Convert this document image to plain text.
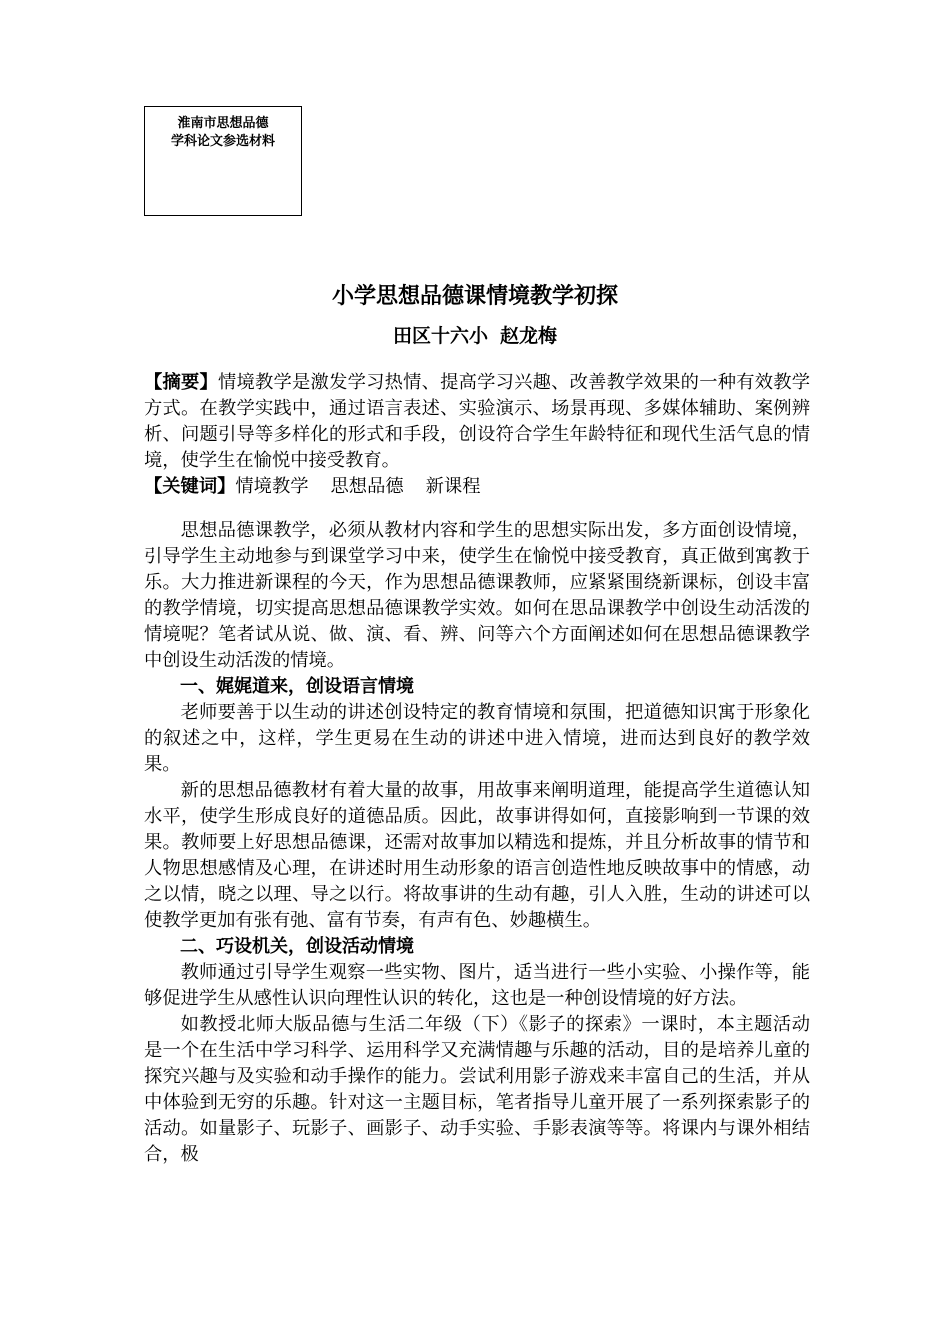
淮南市思想品德
学科论文参选材料
小学思想品德课情境教学初探
田区十六小 赵龙梅

【摘要】情境教学是激发学习热情、提高学习兴趣、改善教学效果的一种有效教学方式。在教学实践中，通过语言表述、实验演示、场景再现、多媒体辅助、案例辨析、问题引导等多样化的形式和手段，创设符合学生年龄特征和现代生活气息的情境，使学生在愉悦中接受教育。

【关键词】情境教学 思想品德 新课程

思想品德课教学，必须从教材内容和学生的思想实际出发，多方面创设情境，引导学生主动地参与到课堂学习中来，使学生在愉悦中接受教育，真正做到寓教于乐。大力推进新课程的今天，作为思想品德课教师，应紧紧围绕新课标，创设丰富的教学情境，切实提高思想品德课教学实效。如何在思品课教学中创设生动活泼的情境呢？笔者试从说、做、演、看、辨、问等六个方面阐述如何在思想品德课教学中创设生动活泼的情境。

一、娓娓道来，创设语言情境

老师要善于以生动的讲述创设特定的教育情境和氛围，把道德知识寓于形象化的叙述之中，这样，学生更易在生动的讲述中进入情境，进而达到良好的教学效果。

新的思想品德教材有着大量的故事，用故事来阐明道理，能提高学生道德认知水平，使学生形成良好的道德品质。因此，故事讲得如何，直接影响到一节课的效果。教师要上好思想品德课，还需对故事加以精选和提炼，并且分析故事的情节和人物思想感情及心理，在讲述时用生动形象的语言创造性地反映故事中的情感，动之以情，晓之以理、导之以行。将故事讲的生动有趣，引人入胜，生动的讲述可以使教学更加有张有弛、富有节奏，有声有色、妙趣横生。

二、巧设机关，创设活动情境

教师通过引导学生观察一些实物、图片，适当进行一些小实验、小操作等，能够促进学生从感性认识向理性认识的转化，这也是一种创设情境的好方法。

如教授北师大版品德与生活二年级（下）《影子的探索》一课时，本主题活动是一个在生活中学习科学、运用科学又充满情趣与乐趣的活动，目的是培养儿童的探究兴趣与及实验和动手操作的能力。尝试利用影子游戏来丰富自己的生活，并从中体验到无穷的乐趣。针对这一主题目标，笔者指导儿童开展了一系列探索影子的活动。如量影子、玩影子、画影子、动手实验、手影表演等等。将课内与课外相结合，极
